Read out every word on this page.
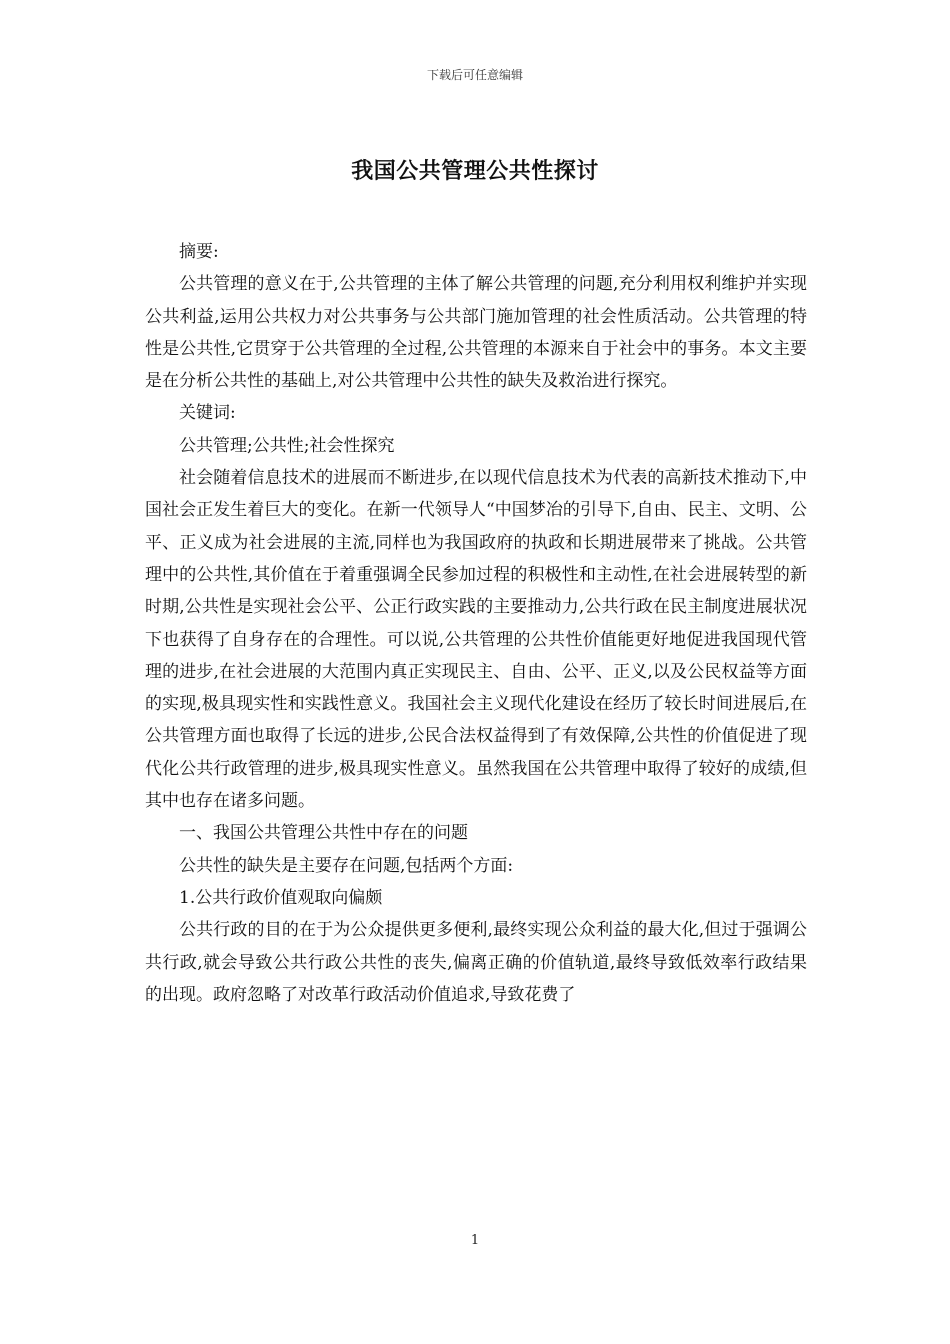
下载后可任意编辑
我国公共管理公共性探讨

摘要:

公共管理的意义在于,公共管理的主体了解公共管理的问题,充分利用权利维护并实现公共利益,运用公共权力对公共事务与公共部门施加管理的社会性质活动。公共管理的特性是公共性,它贯穿于公共管理的全过程,公共管理的本源来自于社会中的事务。本文主要是在分析公共性的基础上,对公共管理中公共性的缺失及救治进行探究。

关键词:

公共管理;公共性;社会性探究

社会随着信息技术的进展而不断进步,在以现代信息技术为代表的高新技术推动下,中国社会正发生着巨大的变化。在新一代领导人“中国梦冶的引导下,自由、民主、文明、公平、正义成为社会进展的主流,同样也为我国政府的执政和长期进展带来了挑战。公共管理中的公共性,其价值在于着重强调全民参加过程的积极性和主动性,在社会进展转型的新时期,公共性是实现社会公平、公正行政实践的主要推动力,公共行政在民主制度进展状况下也获得了自身存在的合理性。可以说,公共管理的公共性价值能更好地促进我国现代管理的进步,在社会进展的大范围内真正实现民主、自由、公平、正义,以及公民权益等方面的实现,极具现实性和实践性意义。我国社会主义现代化建设在经历了较长时间进展后,在公共管理方面也取得了长远的进步,公民合法权益得到了有效保障,公共性的价值促进了现代化公共行政管理的进步,极具现实性意义。虽然我国在公共管理中取得了较好的成绩,但其中也存在诸多问题。

一、我国公共管理公共性中存在的问题

公共性的缺失是主要存在问题,包括两个方面:

1.公共行政价值观取向偏颇

公共行政的目的在于为公众提供更多便利,最终实现公众利益的最大化,但过于强调公共行政,就会导致公共行政公共性的丧失,偏离正确的价值轨道,最终导致低效率行政结果的出现。政府忽略了对改革行政活动价值追求,导致花费了

1
